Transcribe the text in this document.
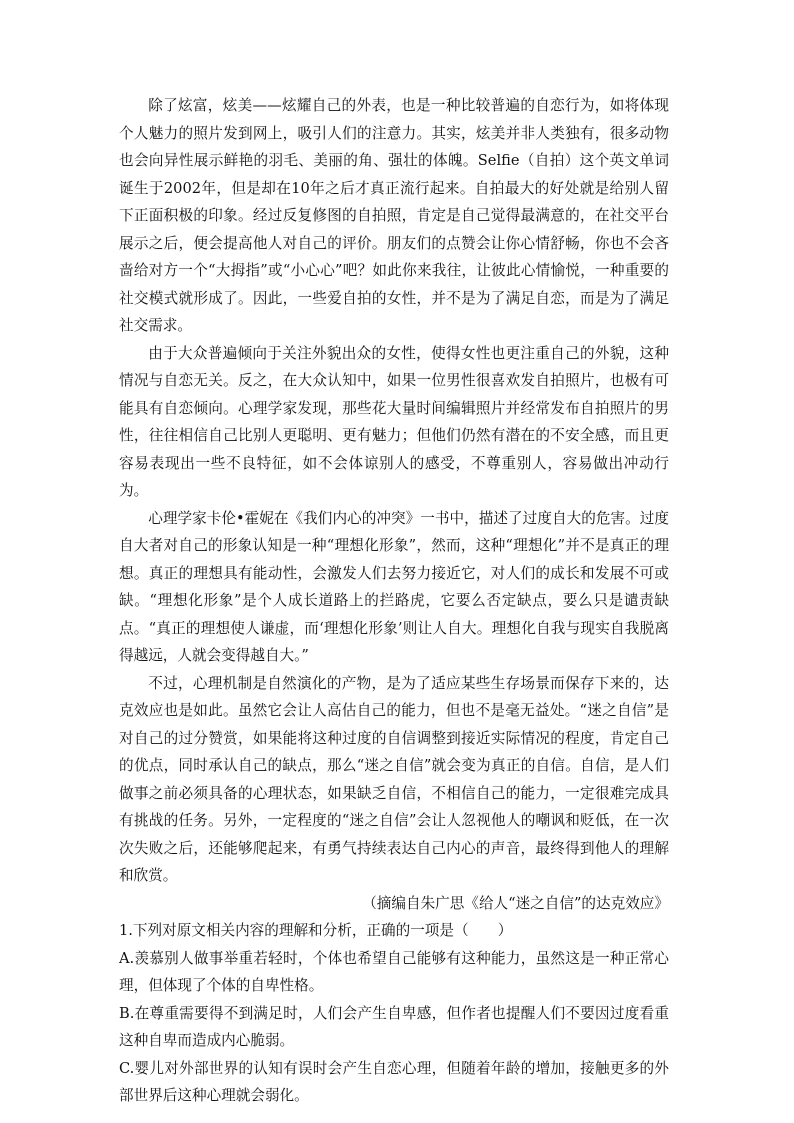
除了炫富，炫美——炫耀自己的外表，也是一种比较普遍的自恋行为，如将体现个人魅力的照片发到网上，吸引人们的注意力。其实，炫美并非人类独有，很多动物也会向异性展示鲜艳的羽毛、美丽的角、强壮的体魄。Selfie（自拍）这个英文单词诞生于2002年，但是却在10年之后才真正流行起来。自拍最大的好处就是给别人留下正面积极的印象。经过反复修图的自拍照，肯定是自己觉得最满意的，在社交平台展示之后，便会提高他人对自己的评价。朋友们的点赞会让你心情舒畅，你也不会吝啬给对方一个“大拇指”或“小心心”吧？如此你来我往，让彼此心情愉悦，一种重要的社交模式就形成了。因此，一些爱自拍的女性，并不是为了满足自恋，而是为了满足社交需求。

由于大众普遍倾向于关注外貌出众的女性，使得女性也更注重自己的外貌，这种情况与自恋无关。反之，在大众认知中，如果一位男性很喜欢发自拍照片，也极有可能具有自恋倾向。心理学家发现，那些花大量时间编辑照片并经常发布自拍照片的男性，往往相信自己比别人更聪明、更有魅力；但他们仍然有潜在的不安全感，而且更容易表现出一些不良特征，如不会体谅别人的感受，不尊重别人，容易做出冲动行为。

心理学家卡伦•霍妮在《我们内心的冲突》一书中，描述了过度自大的危害。过度自大者对自己的形象认知是一种“理想化形象”，然而，这种“理想化”并不是真正的理想。真正的理想具有能动性，会激发人们去努力接近它，对人们的成长和发展不可或缺。“理想化形象”是个人成长道路上的拦路虎，它要么否定缺点，要么只是谴责缺点。“真正的理想使人谦虚，而‘理想化形象’则让人自大。理想化自我与现实自我脱离得越远，人就会变得越自大。”

不过，心理机制是自然演化的产物，是为了适应某些生存场景而保存下来的，达克效应也是如此。虽然它会让人高估自己的能力，但也不是毫无益处。“迷之自信”是对自己的过分赞赏，如果能将这种过度的自信调整到接近实际情况的程度，肯定自己的优点，同时承认自己的缺点，那么“迷之自信”就会变为真正的自信。自信，是人们做事之前必须具备的心理状态，如果缺乏自信，不相信自己的能力，一定很难完成具有挑战的任务。另外，一定程度的“迷之自信”会让人忽视他人的嘲讽和贬低，在一次次失败之后，还能够爬起来，有勇气持续表达自己内心的声音，最终得到他人的理解和欣赏。

（摘编自朱广思《给人“迷之自信”的达克效应》

1.下列对原文相关内容的理解和分析，正确的一项是（　　）

A.羡慕别人做事举重若轻时，个体也希望自己能够有这种能力，虽然这是一种正常心理，但体现了个体的自卑性格。

B.在尊重需要得不到满足时，人们会产生自卑感，但作者也提醒人们不要因过度看重这种自卑而造成内心脆弱。

C.婴儿对外部世界的认知有误时会产生自恋心理，但随着年龄的增加，接触更多的外部世界后这种心理就会弱化。
